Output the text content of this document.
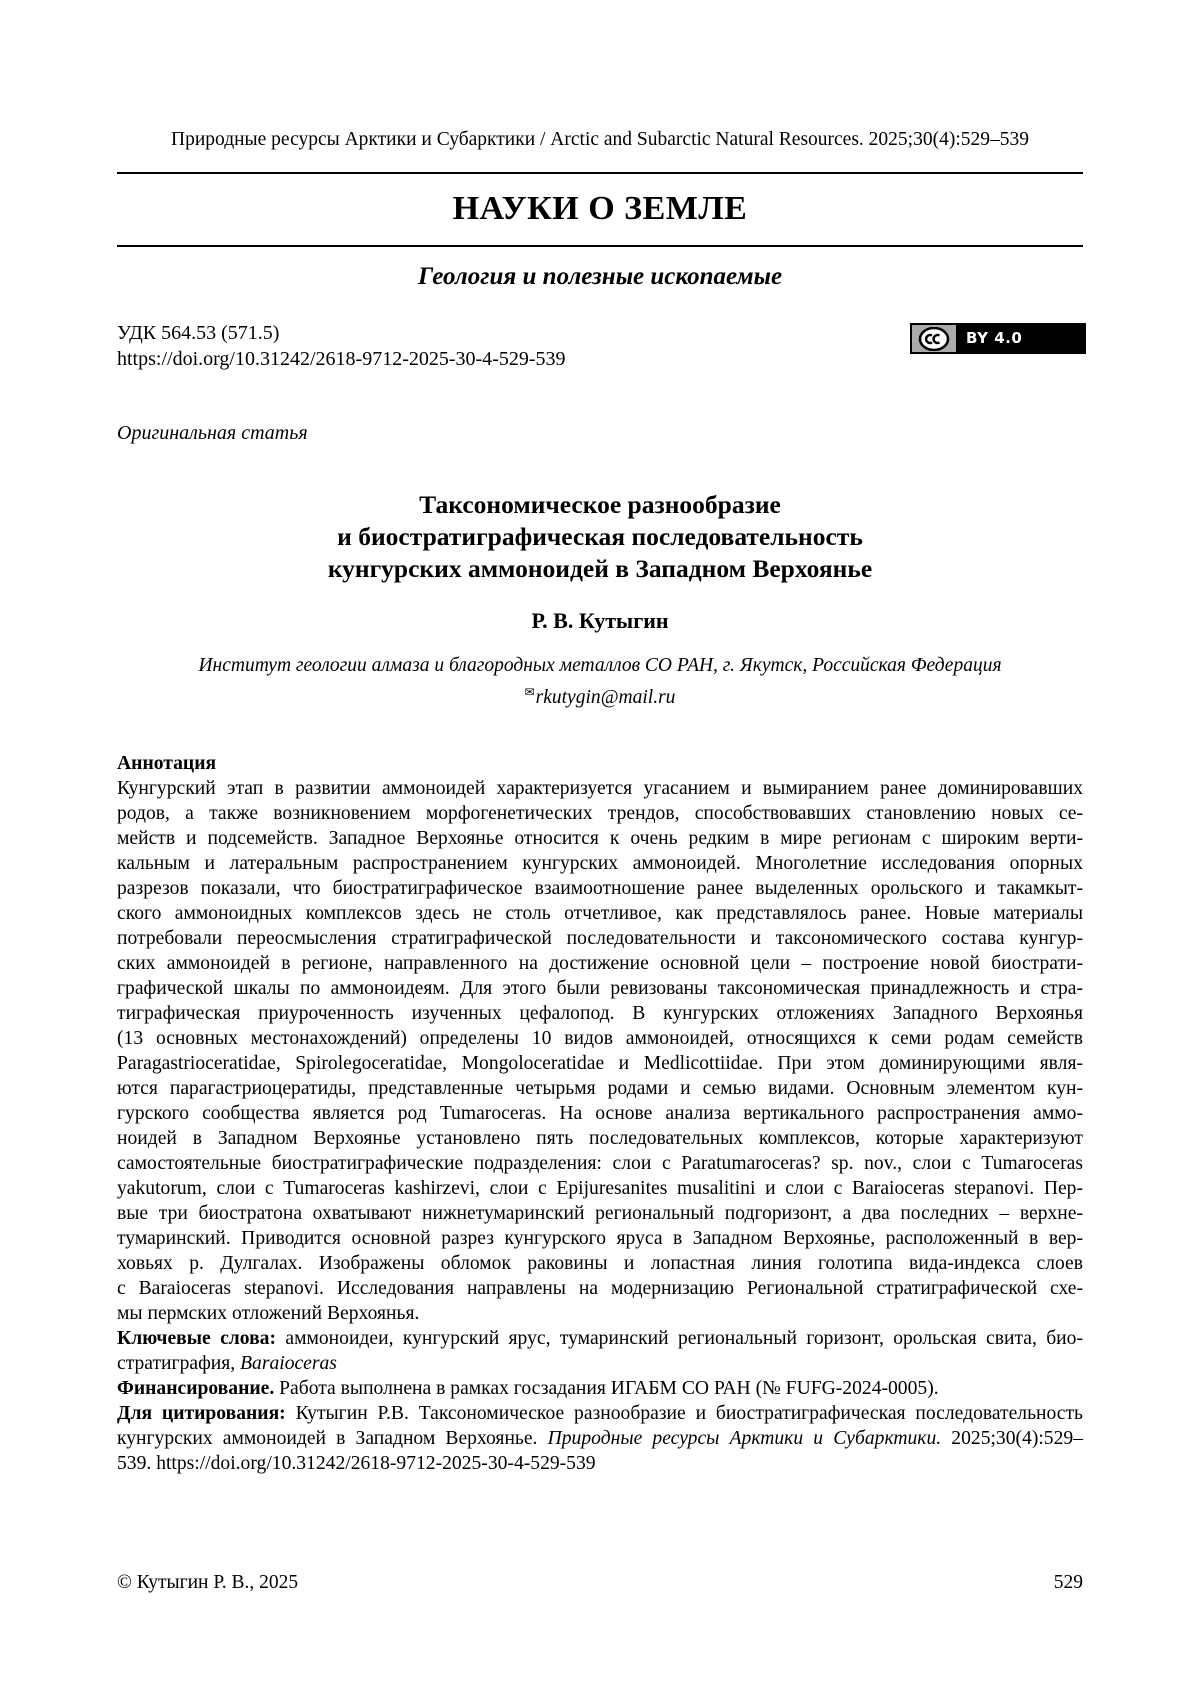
Природные ресурсы Арктики и Субарктики / Arctic and Subarctic Natural Resources. 2025;30(4):529–539
НАУКИ О ЗЕМЛЕ
Геология и полезные ископаемые
УДК 564.53 (571.5)
https://doi.org/10.31242/2618-9712-2025-30-4-529-539
BY 4.0
Оригинальная статья
Таксономическое разнообразие
и биостратиграфическая последовательность
кунгурских аммоноидей в Западном Верхоянье
Р. В. Кутыгин
Институт геологии алмаза и благородных металлов СО РАН, г. Якутск, Российская Федерация
✉rkutygin@mail.ru
Аннотация
Кунгурский этап в развитии аммоноидей характеризуется угасанием и вымиранием ранее доминировавших
родов, а также возникновением морфогенетических трендов, способствовавших становлению новых се-
мейств и подсемейств. Западное Верхоянье относится к очень редким в мире регионам с широким верти-
кальным и латеральным распространением кунгурских аммоноидей. Многолетние исследования опорных
разрезов показали, что биостратиграфическое взаимоотношение ранее выделенных орольского и такамкыт-
ского аммоноидных комплексов здесь не столь отчетливое, как представлялось ранее. Новые материалы
потребовали переосмысления стратиграфической последовательности и таксономического состава кунгур-
ских аммоноидей в регионе, направленного на достижение основной цели – построение новой биострати-
графической шкалы по аммоноидеям. Для этого были ревизованы таксономическая принадлежность и стра-
тиграфическая приуроченность изученных цефалопод. В кунгурских отложениях Западного Верхоянья
(13 основных местонахождений) определены 10 видов аммоноидей, относящихся к семи родам семейств
Paragastrioceratidae, Spirolegoceratidae, Mongoloceratidae и Medlicottiidae. При этом доминирующими явля-
ются парагастриоцератиды, представленные четырьмя родами и семью видами. Основным элементом кун-
гурского сообщества является род Tumaroceras. На основе анализа вертикального распространения аммо-
ноидей в Западном Верхоянье установлено пять последовательных комплексов, которые характеризуют
самостоятельные биостратиграфические подразделения: слои с Paratumaroceras? sp. nov., слои с Tumaroceras
yakutorum, слои с Tumaroceras kashirzevi, слои с Epijuresanites musalitini и слои с Baraioceras stepanovi. Пер-
вые три биостратона охватывают нижнетумаринский региональный подгоризонт, а два последних – верхне-
тумаринский. Приводится основной разрез кунгурского яруса в Западном Верхоянье, расположенный в вер-
ховьях р. Дулгалах. Изображены обломок раковины и лопастная линия голотипа вида-индекса слоев
с Baraioceras stepanovi. Исследования направлены на модернизацию Региональной стратиграфической схе-
мы пермских отложений Верхоянья.
Ключевые слова: аммоноидеи, кунгурский ярус, тумаринский региональный горизонт, орольская свита, био-
стратиграфия, Baraioceras
Финансирование. Работа выполнена в рамках госзадания ИГАБМ СО РАН (№ FUFG-2024-0005).
Для цитирования: Кутыгин Р.В. Таксономическое разнообразие и биостратиграфическая последовательность
кунгурских аммоноидей в Западном Верхоянье. Природные ресурсы Арктики и Субарктики. 2025;30(4):529–
539. https://doi.org/10.31242/2618-9712-2025-30-4-529-539
© Кутыгин Р. В., 2025	529
